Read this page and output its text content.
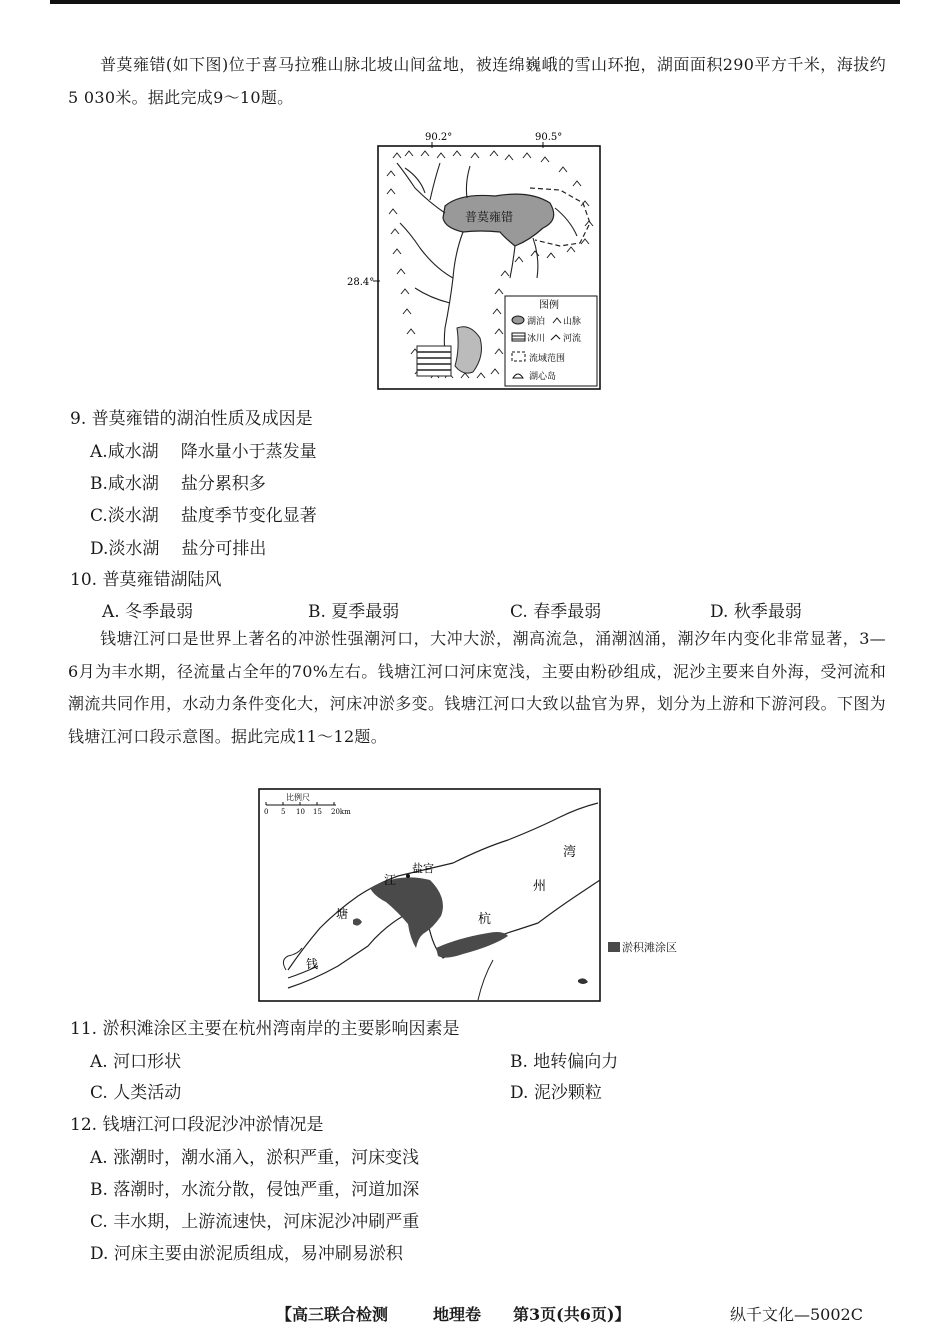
普莫雍错(如下图)位于喜马拉雅山脉北坡山间盆地，被连绵巍峨的雪山环抱，湖面面积290平方千米，海拔约5 030米。据此完成9～10题。

90.2°	90.5°
28.4°
普莫雍错
图例
湖泊 山脉
冰川 河流
流域范围
湖心岛
9. 普莫雍错的湖泊性质及成因是
A.咸水湖 降水量小于蒸发量
B.咸水湖 盐分累积多
C.淡水湖 盐度季节变化显著
D.淡水湖 盐分可排出
10. 普莫雍错湖陆风
A. 冬季最弱	B. 夏季最弱	C. 春季最弱	D. 秋季最弱

钱塘江河口是世界上著名的冲淤性强潮河口，大冲大淤，潮高流急，涌潮汹涌，潮汐年内变化非常显著，3—6月为丰水期，径流量占全年的70%左右。钱塘江河口河床宽浅，主要由粉砂组成，泥沙主要来自外海，受河流和潮流共同作用，水动力条件变化大，河床冲淤多变。钱塘江河口大致以盐官为界，划分为上游和下游河段。下图为钱塘江河口段示意图。据此完成11～12题。

比例尺
0 5 10 15 20km
盐官
钱
塘
江
杭
州
湾
淤积滩涂区
11. 淤积滩涂区主要在杭州湾南岸的主要影响因素是
A. 河口形状	B. 地转偏向力
C. 人类活动	D. 泥沙颗粒
12. 钱塘江河口段泥沙冲淤情况是
A. 涨潮时，潮水涌入，淤积严重，河床变浅
B. 落潮时，水流分散，侵蚀严重，河道加深
C. 丰水期，上游流速快，河床泥沙冲刷严重
D. 河床主要由淤泥质组成，易冲刷易淤积
【高三联合检测	地理卷 第3页(共6页)】	纵千文化—5002C
